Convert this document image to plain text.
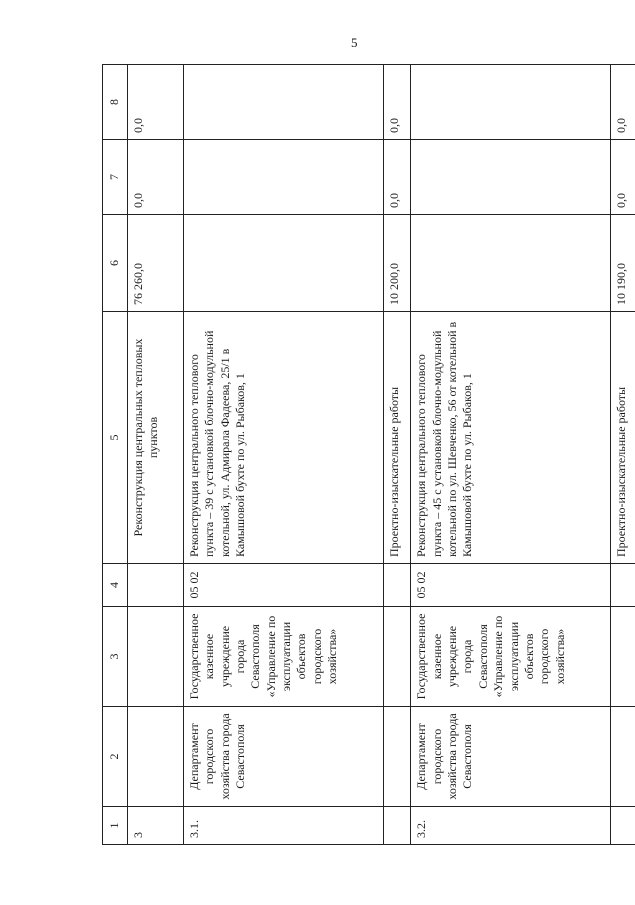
5
1	2	3	4	5	6	7	8
3				Реконструкция центральных тепловых пунктов	76 260,0	0,0	0,0
3.1.	Департамент городского хозяйства города Севастополя	Государственное казенное учреждение города Севастополя «Управление по эксплуатации объектов городского хозяйства»	05 02	Реконструкция центрального теплового пункта – 39 с установкой блочно-модульной котельной, ул. Адмирала Фадеева, 25/1 в Камышовой бухте по ул. Рыбаков, 1			
				Проектно-изыскательные работы	10 200,0	0,0	0,0
3.2.	Департамент городского хозяйства города Севастополя	Государственное казенное учреждение города Севастополя «Управление по эксплуатации объектов городского хозяйства»	05 02	Реконструкция центрального теплового пункта – 45 с установкой блочно-модульной котельной по ул. Шевченко, 56 от котельной в Камышовой бухте по ул. Рыбаков, 1			
				Проектно-изыскательные работы	10 190,0	0,0	0,0
